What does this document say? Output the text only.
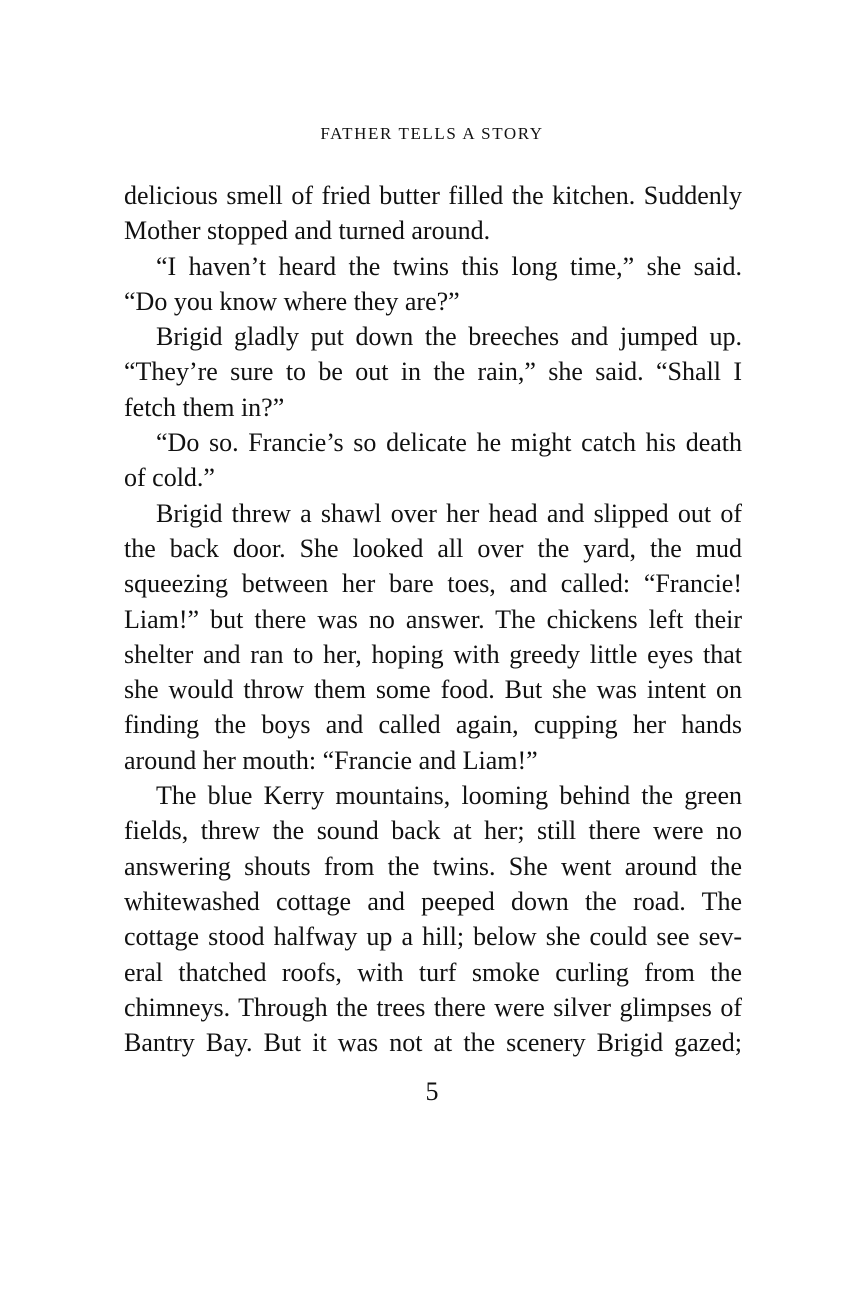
FATHER TELLS A STORY
delicious smell of fried butter filled the kitchen. Suddenly
Mother stopped and turned around.
“I haven’t heard the twins this long time,” she said.
“Do you know where they are?”
Brigid gladly put down the breeches and jumped up.
“They’re sure to be out in the rain,” she said. “Shall I
fetch them in?”
“Do so. Francie’s so delicate he might catch his death
of cold.”
Brigid threw a shawl over her head and slipped out of
the back door. She looked all over the yard, the mud
squeezing between her bare toes, and called: “Francie!
Liam!” but there was no answer. The chickens left their
shelter and ran to her, hoping with greedy little eyes that
she would throw them some food. But she was intent on
finding the boys and called again, cupping her hands
around her mouth: “Francie and Liam!”
The blue Kerry mountains, looming behind the green
fields, threw the sound back at her; still there were no
answering shouts from the twins. She went around the
whitewashed cottage and peeped down the road. The
cottage stood halfway up a hill; below she could see sev-
eral thatched roofs, with turf smoke curling from the
chimneys. Through the trees there were silver glimpses of
Bantry Bay. But it was not at the scenery Brigid gazed;
5
